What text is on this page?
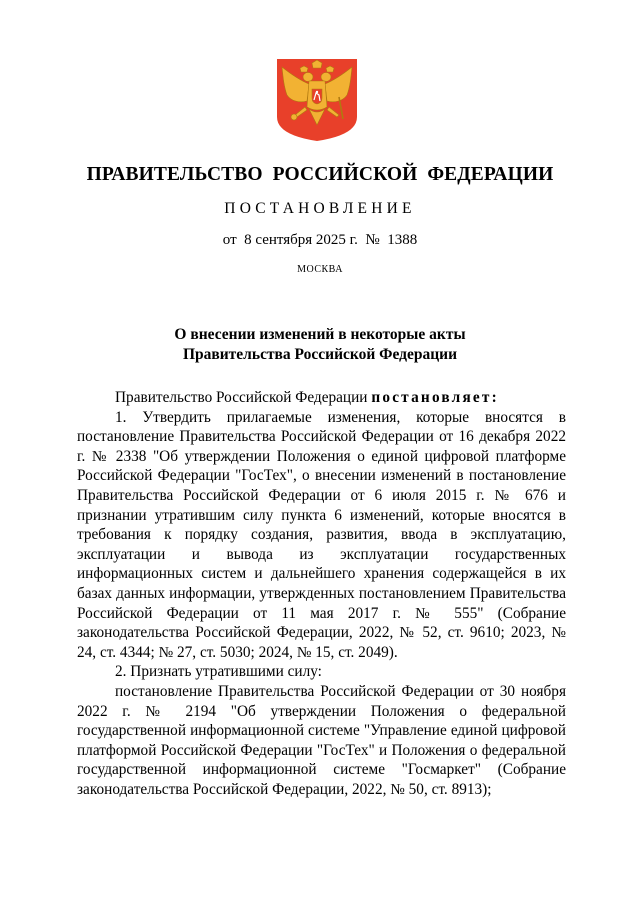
ПРАВИТЕЛЬСТВО  РОССИЙСКОЙ  ФЕДЕРАЦИИ
ПОСТАНОВЛЕНИЕ
от  8 сентября 2025 г.  №  1388
МОСКВА
О внесении изменений в некоторые акты
Правительства Российской Федерации

Правительство Российской Федерации постановляет:

1. Утвердить прилагаемые изменения, которые вносятся в постановление Правительства Российской Федерации от 16 декабря 2022 г. № 2338 "Об утверждении Положения о единой цифровой платформе Российской Федерации "ГосТех", о внесении изменений в постановление Правительства Российской Федерации от 6 июля 2015 г. № 676 и признании утратившим силу пункта 6 изменений, которые вносятся в требования к порядку создания, развития, ввода в эксплуатацию, эксплуатации и вывода из эксплуатации государственных информационных систем и дальнейшего хранения содержащейся в их базах данных информации, утвержденных постановлением Правительства Российской Федерации от 11 мая 2017 г. № 555" (Собрание законодательства Российской Федерации, 2022, № 52, ст. 9610; 2023, № 24, ст. 4344; № 27, ст. 5030; 2024, № 15, ст. 2049).

2. Признать утратившими силу:

постановление Правительства Российской Федерации от 30 ноября 2022 г. № 2194 "Об утверждении Положения о федеральной государственной информационной системе "Управление единой цифровой платформой Российской Федерации "ГосТех" и Положения о федеральной государственной информационной системе "Госмаркет" (Собрание законодательства Российской Федерации, 2022, № 50, ст. 8913);
